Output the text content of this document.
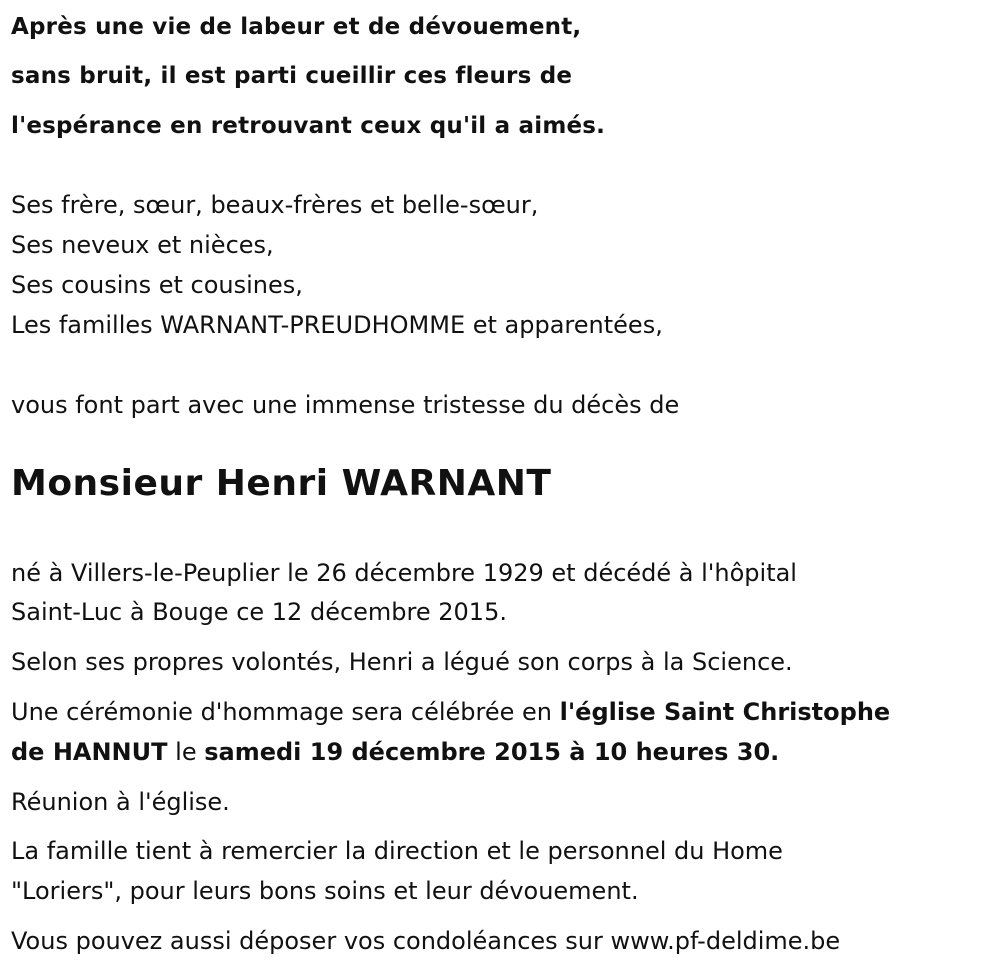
Après une vie de labeur et de dévouement,
sans bruit, il est parti cueillir ces fleurs de
l'espérance en retrouvant ceux qu'il a aimés.
Ses frère, sœur, beaux-frères et belle-sœur,
Ses neveux et nièces,
Ses cousins et cousines,
Les familles WARNANT-PREUDHOMME et apparentées,
vous font part avec une immense tristesse du décès de
Monsieur Henri WARNANT
né à Villers-le-Peuplier le 26 décembre 1929 et décédé à l'hôpital
Saint-Luc à Bouge ce 12 décembre 2015.
Selon ses propres volontés, Henri a légué son corps à la Science.
Une cérémonie d'hommage sera célébrée en l'église Saint Christophe
de HANNUT le samedi 19 décembre 2015 à 10 heures 30.
Réunion à l'église.
La famille tient à remercier la direction et le personnel du Home
"Loriers", pour leurs bons soins et leur dévouement.
Vous pouvez aussi déposer vos condoléances sur www.pf-deldime.be
